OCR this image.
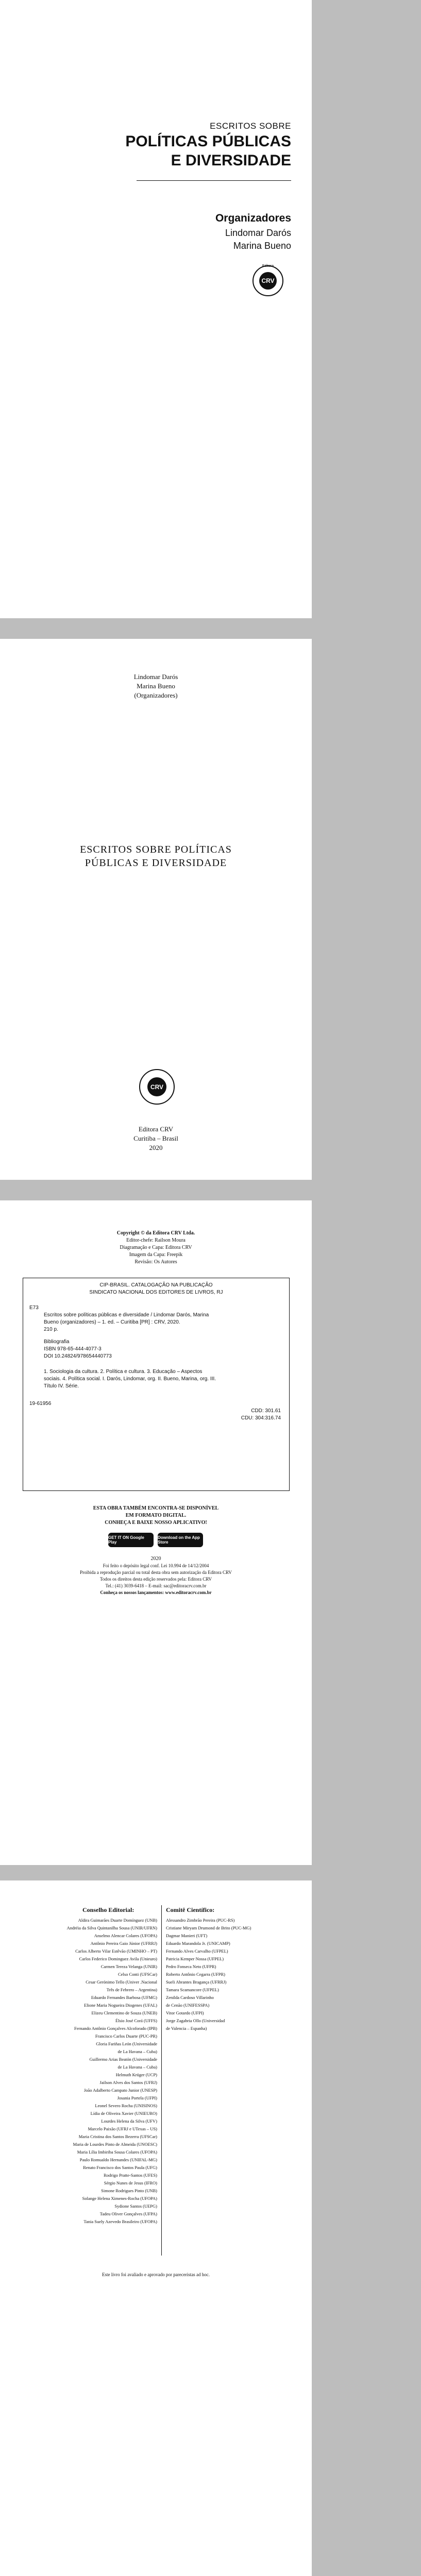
ESCRITOS SOBRE
POLÍTICAS PÚBLICAS
E DIVERSIDADE
Organizadores
Lindomar Darós
Marina Bueno
Editora
CRV
Lindomar Darós
Marina Bueno
(Organizadores)
ESCRITOS SOBRE POLÍTICAS
PÚBLICAS E DIVERSIDADE
CRV
Editora CRV
Curitiba – Brasil
2020
Copyright © da Editora CRV Ltda.
Editor-chefe: Railson Moura
Diagramação e Capa: Editora CRV
Imagem da Capa: Freepik
Revisão: Os Autores
CIP-BRASIL. CATALOGAÇÃO NA PUBLICAÇÃO
SINDICATO NACIONAL DOS EDITORES DE LIVROS, RJ
E73
Escritos sobre políticas públicas e diversidade / Lindomar Darós, Marina
Bueno (organizadores) – 1. ed. – Curitiba [PR] : CRV, 2020.
210 p.
Bibliografia
ISBN 978-65-444-4077-3
DOI 10.24824/978654440773
1. Sociologia da cultura. 2. Política e cultura. 3. Educação – Aspectos
sociais. 4. Política social. I. Darós, Lindomar, org. II. Bueno, Marina, org. III.
Título IV. Série.
19-61956
CDD: 301.61
CDU: 304:316.74
ESTA OBRA TAMBÉM ENCONTRA-SE DISPONÍVEL
EM FORMATO DIGITAL.
CONHEÇA E BAIXE NOSSO APLICATIVO!
GET IT ON Google Play
Download on the App Store
2020
Foi feito o depósito legal conf. Lei 10.994 de 14/12/2004
Proibida a reprodução parcial ou total desta obra sem autorização da Editora CRV
Todos os direitos desta edição reservados pela: Editora CRV
Tel.: (41) 3039-6418 – E-mail: sac@editoracrv.com.br
Conheça os nossos lançamentos: www.editoracrv.com.br
Conselho Editorial:	Comitê Científico:
Aldira Guimarães Duarte Domínguez (UNB)
Andréia da Silva Quintanilha Sousa (UNIR/UFRN)
Anselmo Alencar Colares (UFOPA)
Antônio Pereira Gaio Júnior (UFRRJ)
Carlos Alberto Vilar Estêvão (UMINHO – PT)
Carlos Federico Dominguez Avila (Unieuro)
Carmen Tereza Velanga (UNIR)
Celso Conti (UFSCar)
Cesar Gerónimo Tello (Univer .Nacional
Três de Febrero – Argentina)
Eduardo Fernandes Barbosa (UFMG)
Elione Maria Nogueira Diogenes (UFAL)
Elizeu Clementino de Souza (UNEB)
Élsio José Corá (UFFS)
Fernando Antônio Gonçalves Alcoforado (IPB)
Francisco Carlos Duarte (PUC-PR)
Gloria Fariñas León (Universidade
de La Havana – Cuba)
Guillermo Arias Beatón (Universidade
de La Havana – Cuba)
Helmuth Krüger (UCP)
Jailson Alves dos Santos (UFRJ)
João Adalberto Campato Junior (UNESP)
Josania Portela (UFPI)
Leonel Severo Rocha (UNISINOS)
Lídia de Oliveira Xavier (UNIEURO)
Lourdes Helena da Silva (UFV)
Marcelo Paixão (UFRJ e UTexas – US)
Maria Cristina dos Santos Bezerra (UFSCar)
Maria de Lourdes Pinto de Almeida (UNOESC)
Maria Lília Imbiriba Sousa Colares (UFOPA)
Paulo Romualdo Hernandes (UNIFAL-MG)
Renato Francisco dos Santos Paula (UFG)
Rodrigo Pratte-Santos (UFES)
Sérgio Nunes de Jesus (IFRO)
Simone Rodrigues Pinto (UNB)
Solange Helena Ximenes-Rocha (UFOPA)
Sydione Santos (UEPG)
Tadeu Oliver Gonçalves (UFPA)
Tania Suely Azevedo Brasileiro (UFOPA)
Alessandro Zimbrão Pereira (PUC-RS)
Cristiane Miryam Drumond de Brito (PUC-MG)
Dagmar Manieri (UFT)
Eduardo Marandola Jr. (UNICAMP)
Fernando Alves Carvalho (UFPEL)
Patricia Kemper Nossa (UFPEL)
Pedro Fonseca Neto (UFPR)
Roberto Antônio Cegarra (UFPR)
Sueli Abrantes Bragança (UFRRJ)
Tamara Scamancore (UFPEL)
Zenilda Cardoso Villarinho
de Cenão (UNIFESSPA)
Vitor Gotardo (UFPI)
Jorge Zagabria Ollo (Universidad
de Valencia – Espanha)
Este livro foi avaliado e aprovado por pareceristas ad hoc.
